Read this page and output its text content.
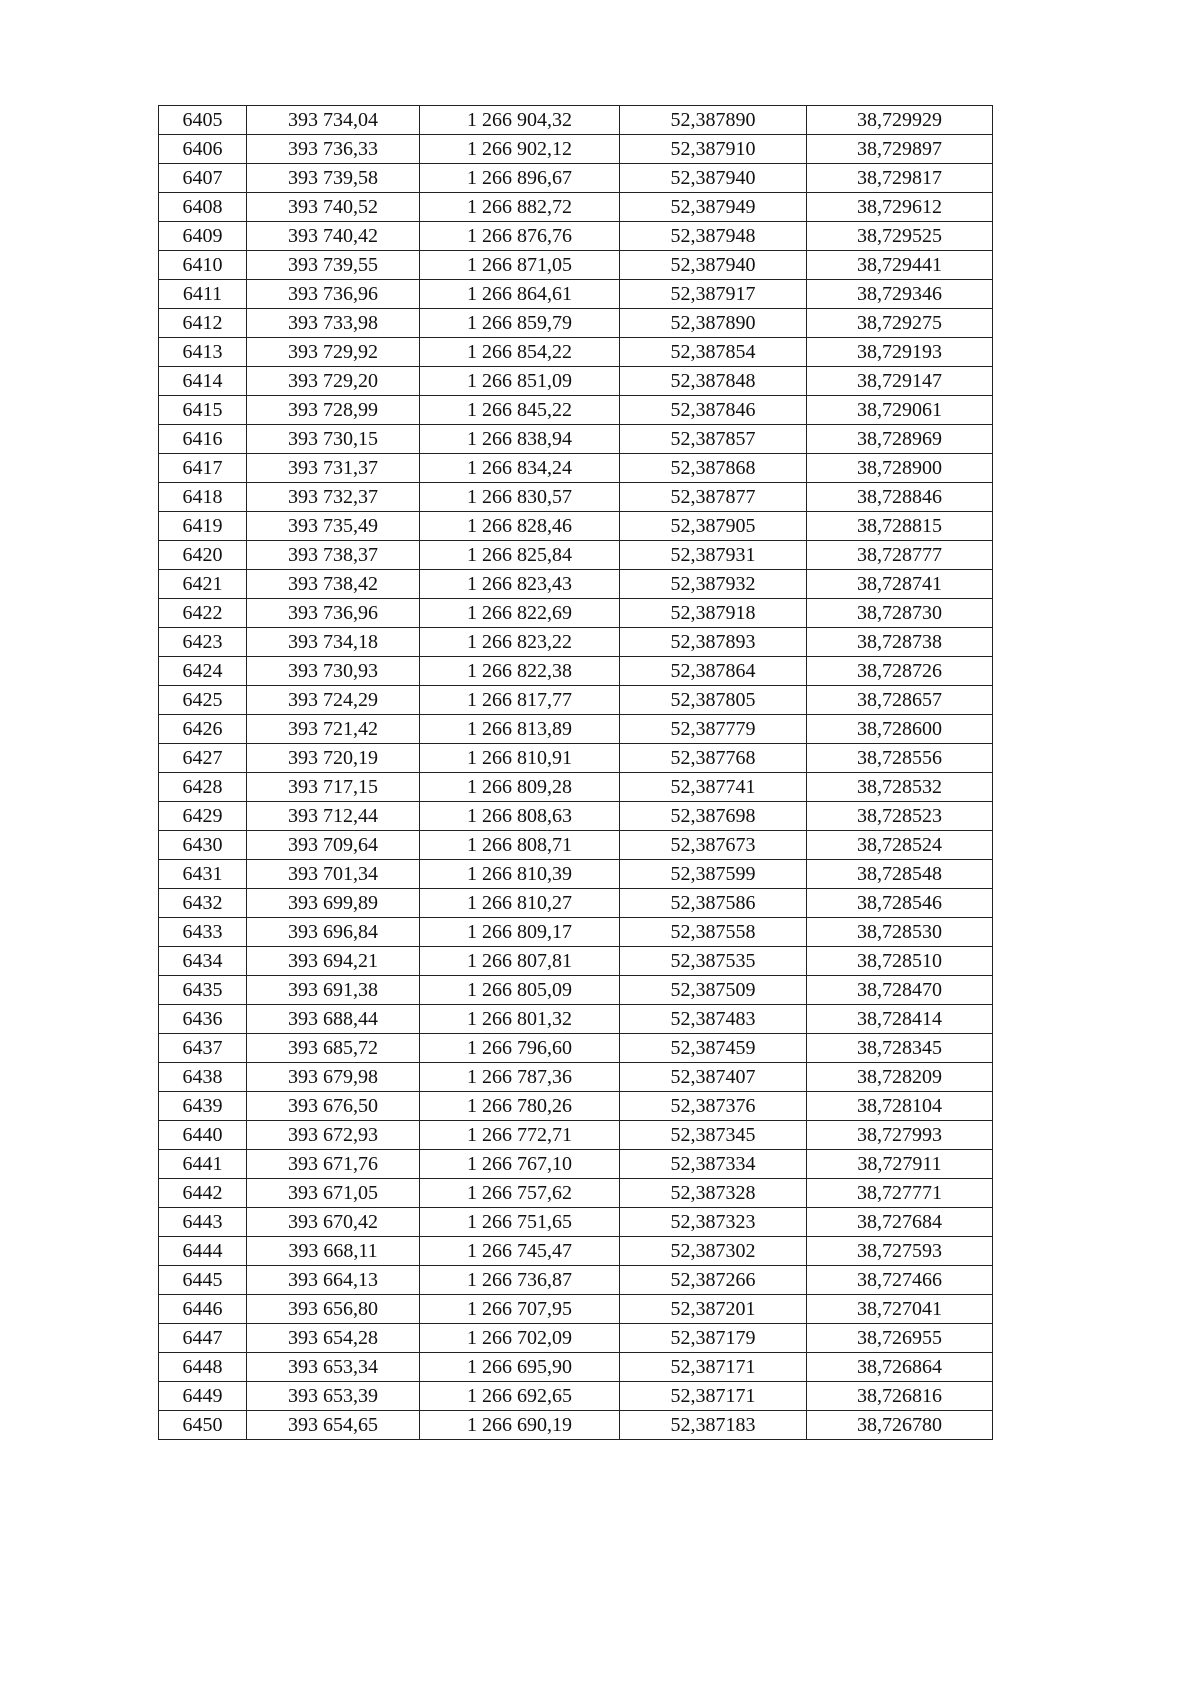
6405	393 734,04	1 266 904,32	52,387890	38,729929
6406	393 736,33	1 266 902,12	52,387910	38,729897
6407	393 739,58	1 266 896,67	52,387940	38,729817
6408	393 740,52	1 266 882,72	52,387949	38,729612
6409	393 740,42	1 266 876,76	52,387948	38,729525
6410	393 739,55	1 266 871,05	52,387940	38,729441
6411	393 736,96	1 266 864,61	52,387917	38,729346
6412	393 733,98	1 266 859,79	52,387890	38,729275
6413	393 729,92	1 266 854,22	52,387854	38,729193
6414	393 729,20	1 266 851,09	52,387848	38,729147
6415	393 728,99	1 266 845,22	52,387846	38,729061
6416	393 730,15	1 266 838,94	52,387857	38,728969
6417	393 731,37	1 266 834,24	52,387868	38,728900
6418	393 732,37	1 266 830,57	52,387877	38,728846
6419	393 735,49	1 266 828,46	52,387905	38,728815
6420	393 738,37	1 266 825,84	52,387931	38,728777
6421	393 738,42	1 266 823,43	52,387932	38,728741
6422	393 736,96	1 266 822,69	52,387918	38,728730
6423	393 734,18	1 266 823,22	52,387893	38,728738
6424	393 730,93	1 266 822,38	52,387864	38,728726
6425	393 724,29	1 266 817,77	52,387805	38,728657
6426	393 721,42	1 266 813,89	52,387779	38,728600
6427	393 720,19	1 266 810,91	52,387768	38,728556
6428	393 717,15	1 266 809,28	52,387741	38,728532
6429	393 712,44	1 266 808,63	52,387698	38,728523
6430	393 709,64	1 266 808,71	52,387673	38,728524
6431	393 701,34	1 266 810,39	52,387599	38,728548
6432	393 699,89	1 266 810,27	52,387586	38,728546
6433	393 696,84	1 266 809,17	52,387558	38,728530
6434	393 694,21	1 266 807,81	52,387535	38,728510
6435	393 691,38	1 266 805,09	52,387509	38,728470
6436	393 688,44	1 266 801,32	52,387483	38,728414
6437	393 685,72	1 266 796,60	52,387459	38,728345
6438	393 679,98	1 266 787,36	52,387407	38,728209
6439	393 676,50	1 266 780,26	52,387376	38,728104
6440	393 672,93	1 266 772,71	52,387345	38,727993
6441	393 671,76	1 266 767,10	52,387334	38,727911
6442	393 671,05	1 266 757,62	52,387328	38,727771
6443	393 670,42	1 266 751,65	52,387323	38,727684
6444	393 668,11	1 266 745,47	52,387302	38,727593
6445	393 664,13	1 266 736,87	52,387266	38,727466
6446	393 656,80	1 266 707,95	52,387201	38,727041
6447	393 654,28	1 266 702,09	52,387179	38,726955
6448	393 653,34	1 266 695,90	52,387171	38,726864
6449	393 653,39	1 266 692,65	52,387171	38,726816
6450	393 654,65	1 266 690,19	52,387183	38,726780
